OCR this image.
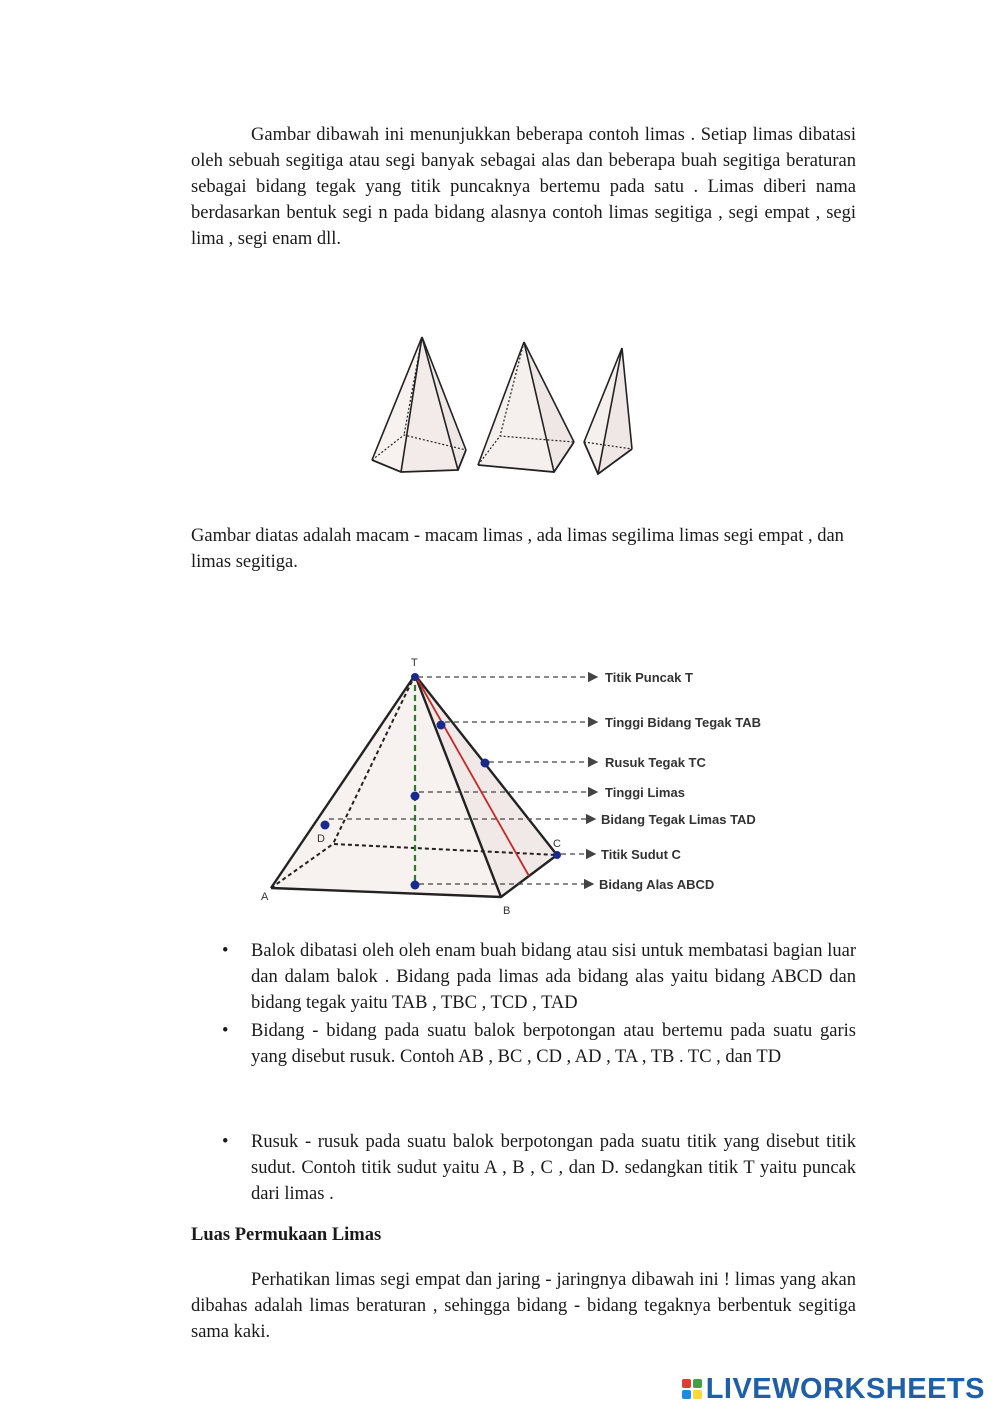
Gambar dibawah ini menunjukkan beberapa contoh limas . Setiap limas dibatasi oleh sebuah segitiga atau segi banyak sebagai alas dan beberapa buah segitiga beraturan sebagai bidang tegak yang titik puncaknya bertemu pada satu . Limas diberi nama berdasarkan bentuk segi n pada bidang alasnya contoh limas segitiga , segi empat , segi lima , segi enam dll.

Gambar diatas adalah macam - macam limas , ada limas segilima limas segi empat , dan limas segitiga.

T
A
B
C
D
Titik Puncak T
Tinggi Bidang Tegak TAB
Rusuk Tegak TC
Tinggi Limas
Bidang Tegak Limas TAD
Titik Sudut C
Bidang Alas ABCD
• Balok dibatasi oleh oleh enam buah bidang atau sisi untuk membatasi bagian luar dan dalam balok . Bidang pada limas ada bidang alas yaitu bidang ABCD dan bidang tegak yaitu TAB , TBC , TCD , TAD
• Bidang - bidang pada suatu balok berpotongan atau bertemu pada suatu garis yang disebut rusuk. Contoh AB , BC , CD , AD , TA , TB . TC , dan TD
• Rusuk - rusuk pada suatu balok berpotongan pada suatu titik yang disebut titik sudut. Contoh titik sudut yaitu A , B , C , dan D. sedangkan titik T yaitu puncak dari limas .

Luas Permukaan Limas

Perhatikan limas segi empat dan jaring - jaringnya dibawah ini ! limas yang akan dibahas adalah limas beraturan , sehingga bidang - bidang tegaknya berbentuk segitiga sama kaki.

LIVEWORKSHEETS
